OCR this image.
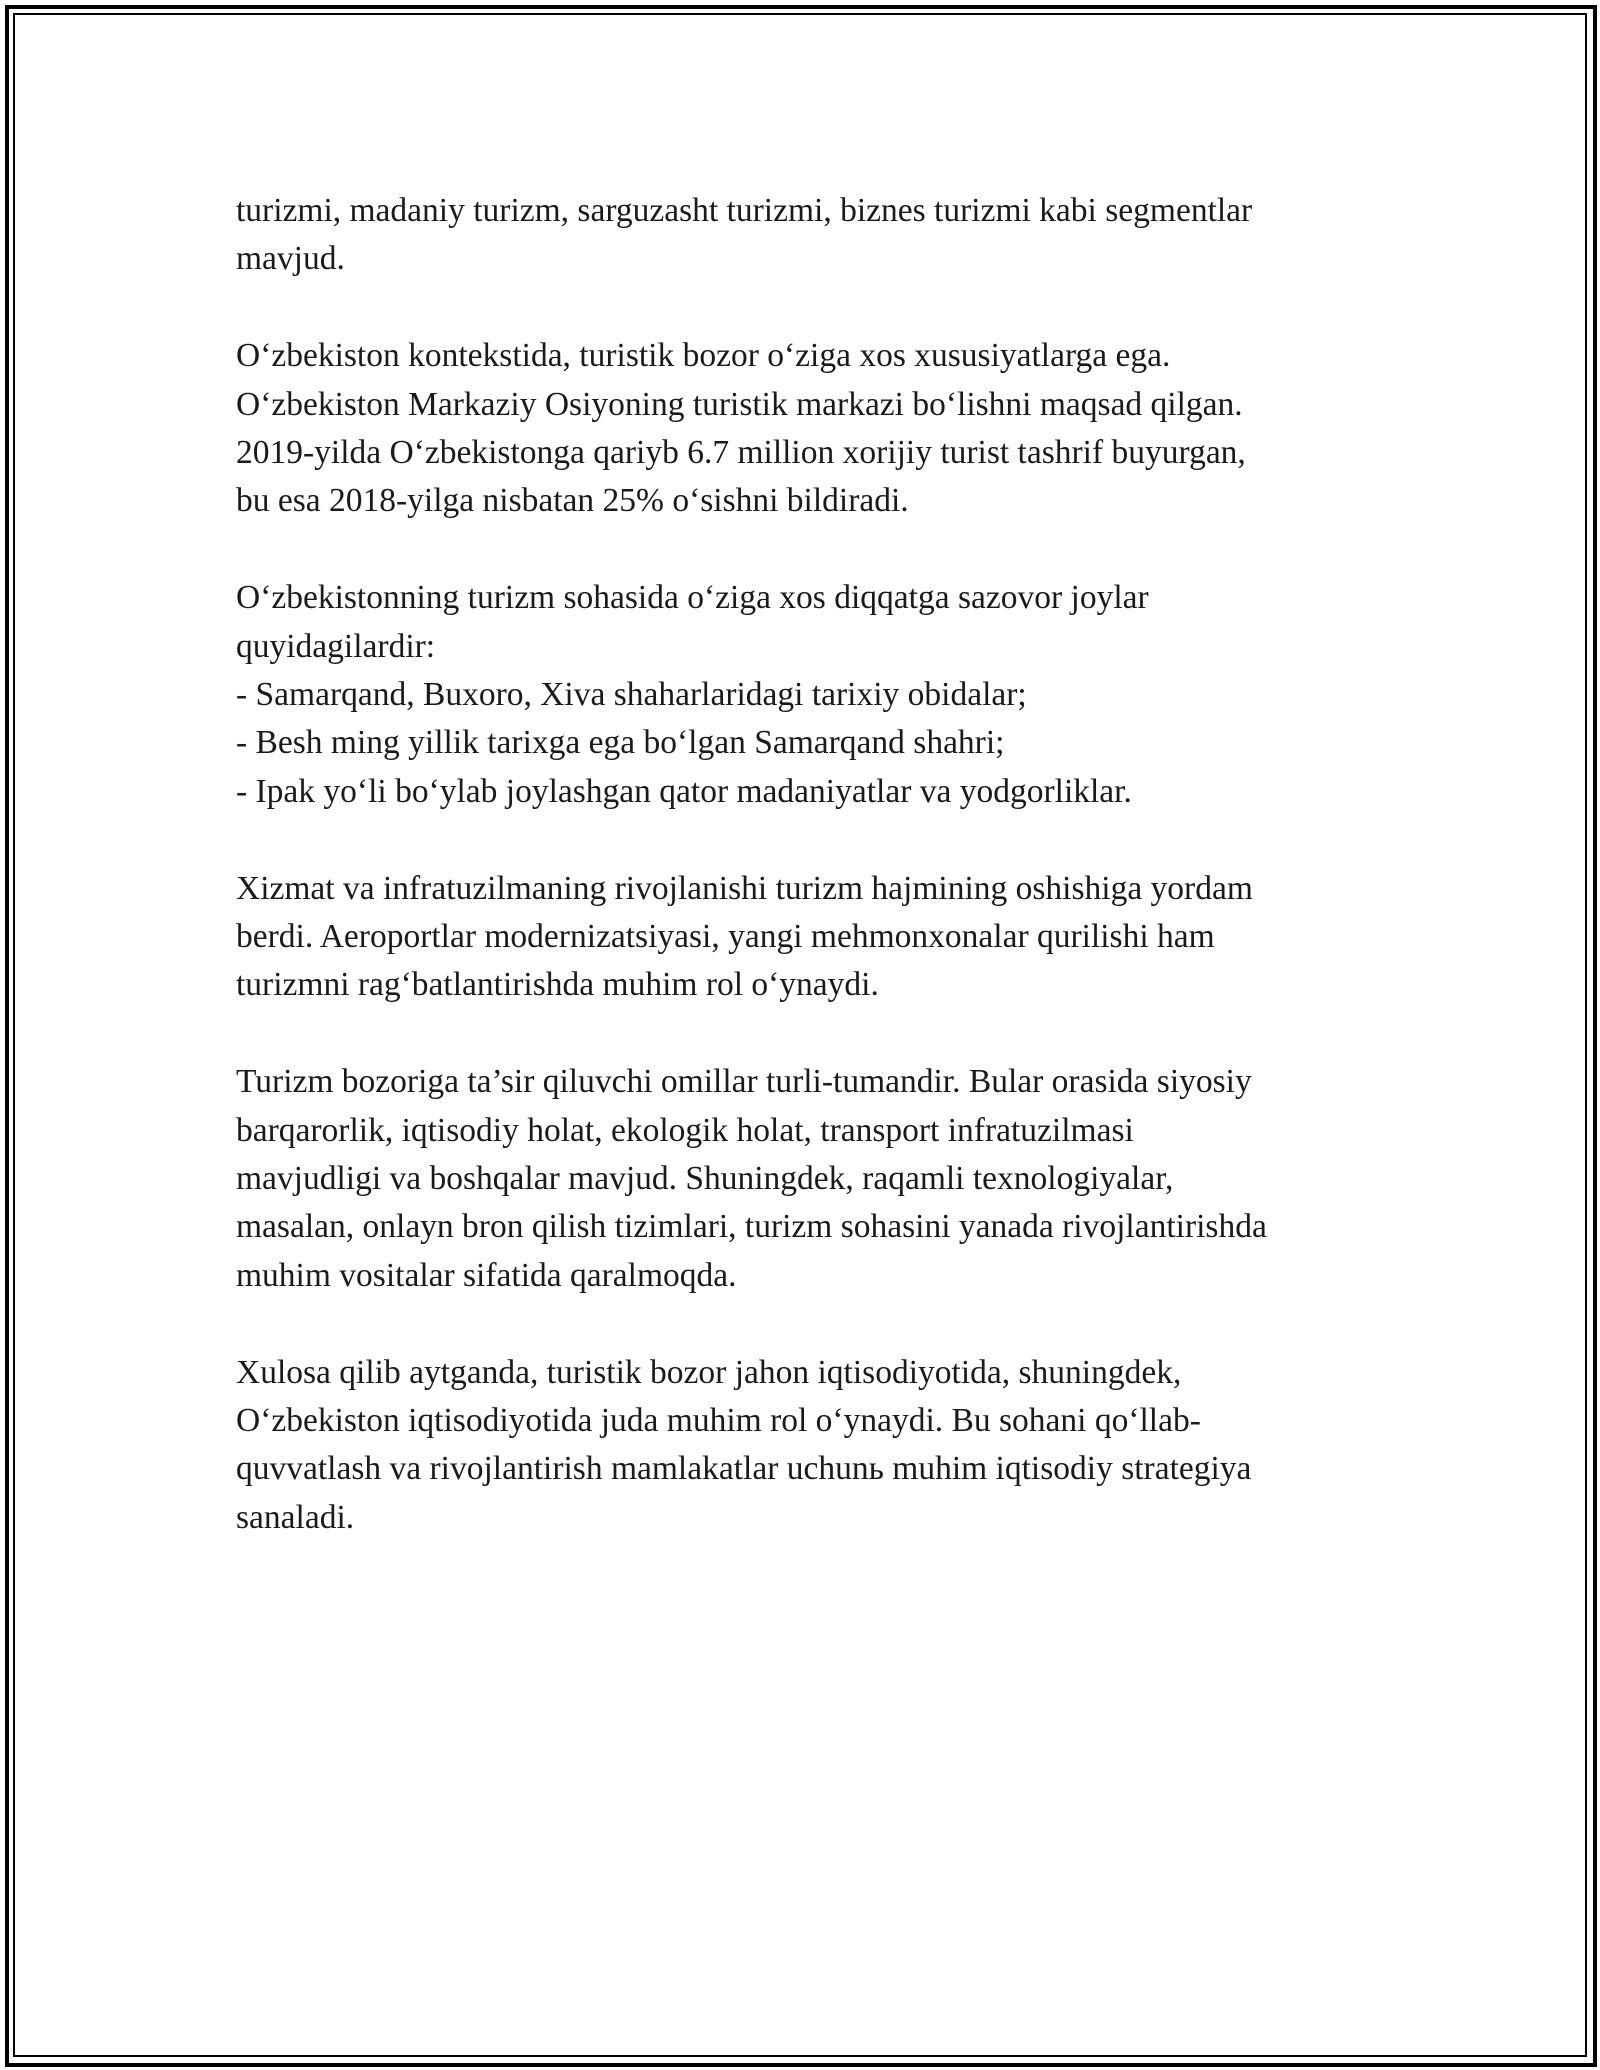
turizmi, madaniy turizm, sarguzasht turizmi, biznes turizmi kabi segmentlar
mavjud.

O‘zbekiston kontekstida, turistik bozor o‘ziga xos xususiyatlarga ega.
O‘zbekiston Markaziy Osiyoning turistik markazi bo‘lishni maqsad qilgan.
2019-yilda O‘zbekistonga qariyb 6.7 million xorijiy turist tashrif buyurgan,
bu esa 2018-yilga nisbatan 25% o‘sishni bildiradi.

O‘zbekistonning turizm sohasida o‘ziga xos diqqatga sazovor joylar
quyidagilardir:
- Samarqand, Buxoro, Xiva shaharlaridagi tarixiy obidalar;
- Besh ming yillik tarixga ega bo‘lgan Samarqand shahri;
- Ipak yo‘li bo‘ylab joylashgan qator madaniyatlar va yodgorliklar.

Xizmat va infratuzilmaning rivojlanishi turizm hajmining oshishiga yordam
berdi. Aeroportlar modernizatsiyasi, yangi mehmonxonalar qurilishi ham
turizmni rag‘batlantirishda muhim rol o‘ynaydi.

Turizm bozoriga ta’sir qiluvchi omillar turli-tumandir. Bular orasida siyosiy
barqarorlik, iqtisodiy holat, ekologik holat, transport infratuzilmasi
mavjudligi va boshqalar mavjud. Shuningdek, raqamli texnologiyalar,
masalan, onlayn bron qilish tizimlari, turizm sohasini yanada rivojlantirishda
muhim vositalar sifatida qaralmoqda.

Xulosa qilib aytganda, turistik bozor jahon iqtisodiyotida, shuningdek,
O‘zbekiston iqtisodiyotida juda muhim rol o‘ynaydi. Bu sohani qo‘llab-
quvvatlash va rivojlantirish mamlakatlar uchunь muhim iqtisodiy strategiya
sanaladi.
